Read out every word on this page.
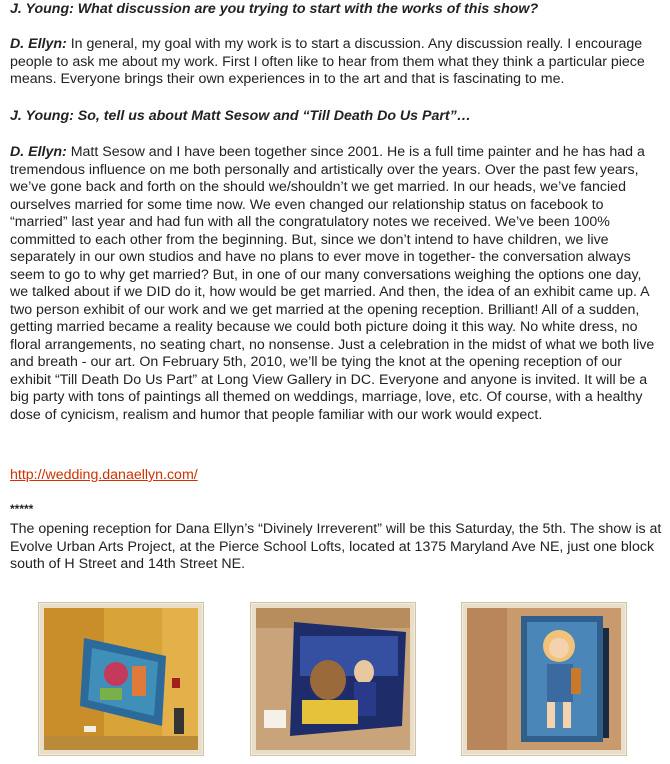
J. Young: What discussion are you trying to start with the works of this show?

D. Ellyn: In general, my goal with my work is to start a discussion. Any discussion really. I encourage people to ask me about my work. First I often like to hear from them what they think a particular piece means. Everyone brings their own experiences in to the art and that is fascinating to me.

J. Young: So, tell us about Matt Sesow and “Till Death Do Us Part”…

D. Ellyn: Matt Sesow and I have been together since 2001. He is a full time painter and he has had a tremendous influence on me both personally and artistically over the years. Over the past few years, we’ve gone back and forth on the should we/shouldn’t we get married. In our heads, we’ve fancied ourselves married for some time now. We even changed our relationship status on facebook to “married” last year and had fun with all the congratulatory notes we received. We’ve been 100% committed to each other from the beginning. But, since we don’t intend to have children, we live separately in our own studios and have no plans to ever move in together- the conversation always seem to go to why get married? But, in one of our many conversations weighing the options one day, we talked about if we DID do it, how would be get married. And then, the idea of an exhibit came up. A two person exhibit of our work and we get married at the opening reception. Brilliant! All of a sudden, getting married became a reality because we could both picture doing it this way. No white dress, no floral arrangements, no seating chart, no nonsense. Just a celebration in the midst of what we both live and breath - our art. On February 5th, 2010, we’ll be tying the knot at the opening reception of our exhibit “Till Death Do Us Part” at Long View Gallery in DC. Everyone and anyone is invited. It will be a big party with tons of paintings all themed on weddings, marriage, love, etc. Of course, with a healthy dose of cynicism, realism and humor that people familiar with our work would expect.

http://wedding.danaellyn.com/

*****

The opening reception for Dana Ellyn’s “Divinely Irreverent” will be this Saturday, the 5th. The show is at Evolve Urban Arts Project, at the Pierce School Lofts, located at 1375 Maryland Ave NE, just one block south of H Street and 14th Street NE.
